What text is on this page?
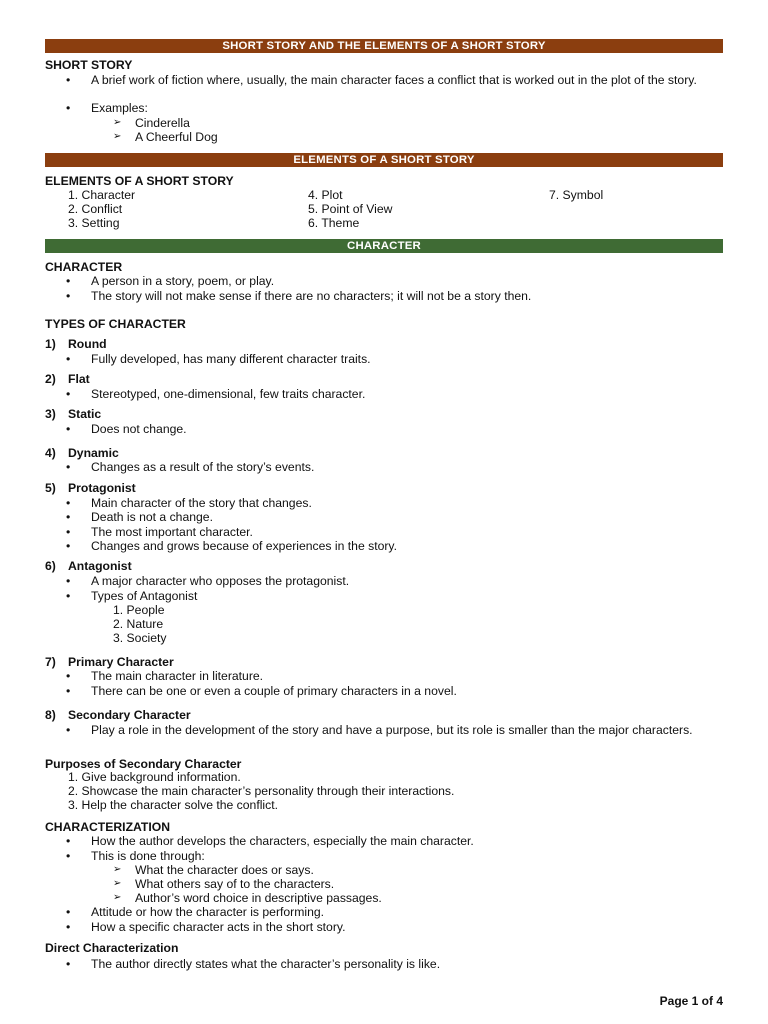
SHORT STORY AND THE ELEMENTS OF A SHORT STORY
SHORT STORY
• A brief work of fiction where, usually, the main character faces a conflict that is worked out in the plot of the story.
Examples:
Cinderella
A Cheerful Dog
ELEMENTS OF A SHORT STORY
ELEMENTS OF A SHORT STORY
1. Character
2. Conflict
3. Setting
4. Plot
5. Point of View
6. Theme
7. Symbol
CHARACTER
CHARACTER
A person in a story, poem, or play.
The story will not make sense if there are no characters; it will not be a story then.
TYPES OF CHARACTER
1) Round
Fully developed, has many different character traits.
2) Flat
Stereotyped, one-dimensional, few traits character.
3) Static
Does not change.
4) Dynamic
Changes as a result of the story’s events.
5) Protagonist
Main character of the story that changes.
Death is not a change.
The most important character.
Changes and grows because of experiences in the story.
6) Antagonist
A major character who opposes the protagonist.
Types of Antagonist
1. People
2. Nature
3. Society
7) Primary Character
The main character in literature.
There can be one or even a couple of primary characters in a novel.
8) Secondary Character
• Play a role in the development of the story and have a purpose, but its role is smaller than the major characters.
Purposes of Secondary Character
1. Give background information.
2. Showcase the main character’s personality through their interactions.
3. Help the character solve the conflict.
CHARACTERIZATION
How the author develops the characters, especially the main character.
This is done through:
What the character does or says.
What others say of to the characters.
Author’s word choice in descriptive passages.
Attitude or how the character is performing.
How a specific character acts in the short story.
Direct Characterization
The author directly states what the character’s personality is like.
Page 1 of 4
